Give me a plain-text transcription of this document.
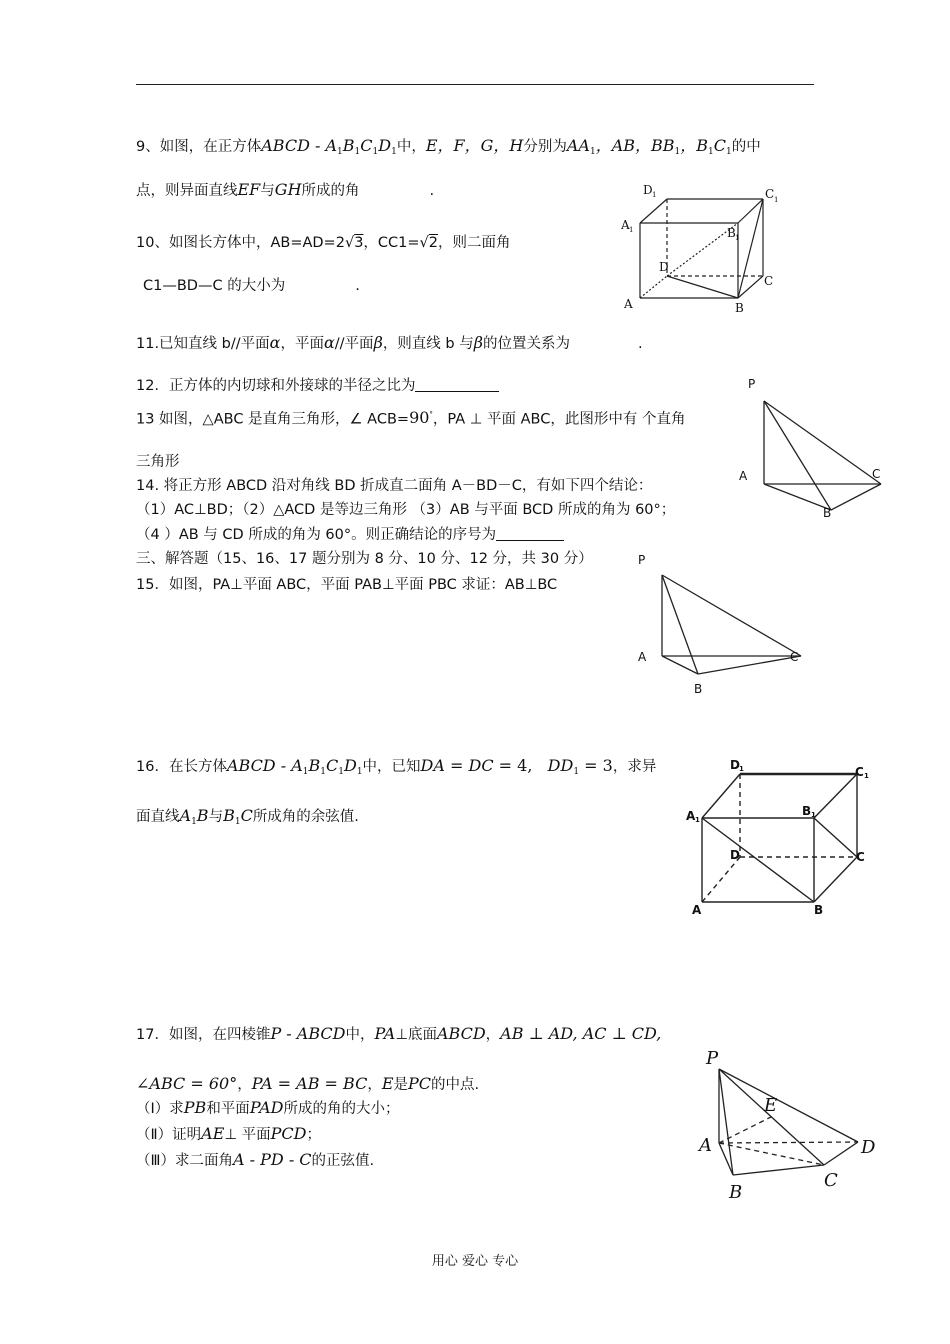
9、如图，在正方体ABCD - $A_1B_1C_1D_1$中，E，F，G，H分别为$AA_1$，AB，$BB_1$，$B_1C_1$的中
点，则异面直线EF与GH所成的角	.
10、如图长方体中，AB=AD=2√3，CC1=√2，则二面角
C1—BD—C 的大小为	.
11.已知直线 b//平面α，平面α//平面β，则直线 b 与β的位置关系为	.
12．正方体的内切球和外接球的半径之比为
13 如图，△ABC 是直角三角形，∠ ACB=90°，PA ⊥ 平面 ABC，此图形中有 个直角
三角形
14. 将正方形 ABCD 沿对角线 BD 折成直二面角 A－BD－C，有如下四个结论：
（1）AC⊥BD；（2）△ACD 是等边三角形 （3）AB 与平面 BCD 所成的角为 60°；
（4 ）AB 与 CD 所成的角为 60°。则正确结论的序号为
三、解答题（15、16、17 题分别为 8 分、10 分、12 分，共 30 分）
15．如图，PA⊥平面 ABC，平面 PAB⊥平面 PBC 求证：AB⊥BC
16．在长方体ABCD - $A_1B_1C_1D_1$中，已知DA = DC = 4,   $DD_1 = 3$，求异
面直线$A_1B$与$B_1C$所成角的余弦值.
17．如图，在四棱锥P - ABCD中，PA⊥底面ABCD，AB ⊥ AD, AC ⊥ CD,
∠ABC = 60°，PA = AB = BC，E是PC的中点.
（Ⅰ）求PB和平面PAD所成的角的大小；
（Ⅱ）证明AE⊥ 平面PCD；
（Ⅲ）求二面角A - PD - C的正弦值.
D 1	C 1
A 1	B 1
D
C
A	B
P
A	C
B
P
A	C
B
D 1	C 1
A 1
B 1
D	C
A	B
P
E
A	D
B
C
用心 爱心 专心
